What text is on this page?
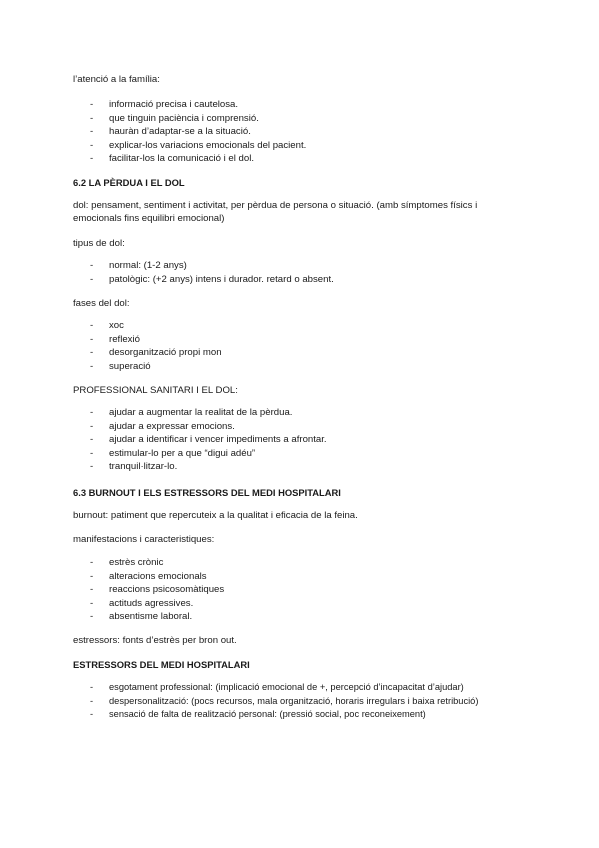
l’atenció a la família:
- informació precisa i cautelosa.
- que tinguin paciència i comprensió.
- hauràn d’adaptar-se a la situació.
- explicar-los variacions emocionals del pacient.
- facilitar-los la comunicació i el dol.
6.2 LA PÈRDUA I EL DOL
dol: pensament, sentiment i activitat, per pèrdua de persona o situació. (amb símptomes físics i emocionals fins equilibri emocional)
tipus de dol:
- normal: (1-2 anys)
- patològic: (+2 anys) intens i durador. retard o absent.
fases del dol:
- xoc
- reflexió
- desorganització propi mon
- superació
PROFESSIONAL SANITARI I EL DOL:
- ajudar a augmentar la realitat de la pèrdua.
- ajudar a expressar emocions.
- ajudar a identificar i vencer impediments a afrontar.
- estimular-lo per a que “digui adéu”
- tranquil·litzar-lo.
6.3 BURNOUT I ELS ESTRESSORS DEL MEDI HOSPITALARI
burnout: patiment que repercuteix a la qualitat i eficacia de la feina.
manifestacions i caracteristiques:
- estrès crònic
- alteracions emocionals
- reaccions psicosomàtiques
- actituds agressives.
- absentisme laboral.
estressors: fonts d’estrès per bron out.
ESTRESSORS DEL MEDI HOSPITALARI
- esgotament professional: (implicació emocional de +, percepció d’incapacitat d’ajudar)
- despersonalització: (pocs recursos, mala organització, horaris irregulars i baixa retribució)
- sensació de falta de realització personal: (pressió social, poc reconeixement)
